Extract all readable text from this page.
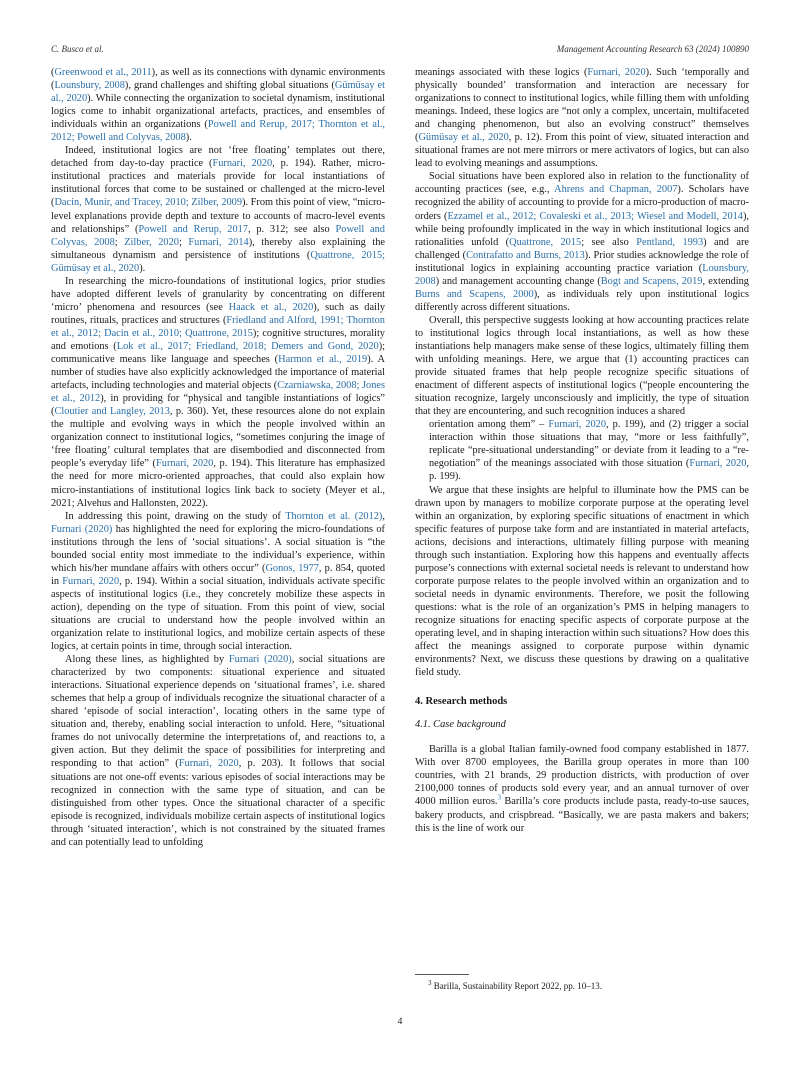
C. Busco et al.	Management Accounting Research 63 (2024) 100890

(Greenwood et al., 2011), as well as its connections with dynamic environments (Lounsbury, 2008), grand challenges and shifting global situations (Gümüsay et al., 2020). While connecting the organization to societal dynamism, institutional logics come to inhabit organizational artefacts, practices, and ensembles of individuals within an organizations (Powell and Rerup, 2017; Thornton et al., 2012; Powell and Colyvas, 2008).

Indeed, institutional logics are not ‘free floating’ templates out there, detached from day-to-day practice (Furnari, 2020, p. 194). Rather, micro-institutional practices and materials provide for local instantiations of institutional forces that come to be sustained or challenged at the micro-level (Dacin, Munir, and Tracey, 2010; Zilber, 2009). From this point of view, “micro-level explanations provide depth and texture to accounts of macro-level events and relationships” (Powell and Rerup, 2017, p. 312; see also Powell and Colyvas, 2008; Zilber, 2020; Furnari, 2014), thereby also explaining the simultaneous dynamism and persistence of institutions (Quattrone, 2015; Gümüsay et al., 2020).

In researching the micro-foundations of institutional logics, prior studies have adopted different levels of granularity by concentrating on different ‘micro’ phenomena and resources (see Haack et al., 2020), such as daily routines, rituals, practices and structures (Friedland and Alford, 1991; Thornton et al., 2012; Dacin et al., 2010; Quattrone, 2015); cognitive structures, morality and emotions (Lok et al., 2017; Friedland, 2018; Demers and Gond, 2020); communicative means like language and speeches (Harmon et al., 2019). A number of studies have also explicitly acknowledged the importance of material artefacts, including technologies and material objects (Czarniawska, 2008; Jones et al., 2012), in providing for “physical and tangible instantiations of logics” (Cloutier and Langley, 2013, p. 360). Yet, these resources alone do not explain the multiple and evolving ways in which the people involved within an organization connect to institutional logics, “sometimes conjuring the image of ‘free floating’ cultural templates that are disembodied and disconnected from people’s everyday life” (Furnari, 2020, p. 194). This literature has emphasized the need for more micro-oriented approaches, that could also explain how micro-instantiations of institutional logics link back to society (Meyer et al., 2021; Alvehus and Hallonsten, 2022).

In addressing this point, drawing on the study of Thornton et al. (2012), Furnari (2020) has highlighted the need for exploring the micro-foundations of institutions through the lens of ‘social situations’. A social situation is “the bounded social entity most immediate to the individual’s experience, within which his/her mundane affairs with others occur” (Gonos, 1977, p. 854, quoted in Furnari, 2020, p. 194). Within a social situation, individuals activate specific aspects of institutional logics (i.e., they concretely mobilize these aspects in action), depending on the type of situation. From this point of view, social situations are crucial to understand how the people involved within an organization relate to institutional logics, and mobilize certain aspects of these logics, at certain points in time, through social interaction.

Along these lines, as highlighted by Furnari (2020), social situations are characterized by two components: situational experience and situated interactions. Situational experience depends on ‘situational frames’, i.e. shared schemes that help a group of individuals recognize the situational character of a shared ‘episode of social interaction’, locating others in the same type of situation and, thereby, enabling social interaction to unfold. Here, “situational frames do not univocally determine the interpretations of, and reactions to, a given action. But they delimit the space of possibilities for interpreting and responding to that action” (Furnari, 2020, p. 203). It follows that social situations are not one-off events: various episodes of social interactions may be recognized in connection with the same type of situation, and can be distinguished from other types. Once the situational character of a specific episode is recognized, individuals mobilize certain aspects of institutional logics through ‘situated interaction’, which is not constrained by the situated frames and can potentially lead to unfolding

meanings associated with these logics (Furnari, 2020). Such ‘temporally and physically bounded’ transformation and interaction are necessary for organizations to connect to institutional logics, while filling them with unfolding meanings. Indeed, these logics are “not only a complex, uncertain, multifaceted and changing phenomenon, but also an evolving construct” themselves (Gümüsay et al., 2020, p. 12). From this point of view, situated interaction and situational frames are not mere mirrors or mere activators of logics, but can also lead to evolving meanings and assumptions.

Social situations have been explored also in relation to the functionality of accounting practices (see, e.g., Ahrens and Chapman, 2007). Scholars have recognized the ability of accounting to provide for a micro-production of macro-orders (Ezzamel et al., 2012; Covaleski et al., 2013; Wiesel and Modell, 2014), while being profoundly implicated in the way in which institutional logics and rationalities unfold (Quattrone, 2015; see also Pentland, 1993) and are challenged (Contrafatto and Burns, 2013). Prior studies acknowledge the role of institutional logics in explaining accounting practice variation (Lounsbury, 2008) and management accounting change (Bogt and Scapens, 2019, extending Burns and Scapens, 2000), as individuals rely upon institutional logics differently across different situations.

Overall, this perspective suggests looking at how accounting practices relate to institutional logics through local instantiations, as well as how these instantiations help managers make sense of these logics, ultimately filling them with unfolding meanings. Here, we argue that (1) accounting practices can provide situated frames that help people recognize specific situations of enactment of different aspects of institutional logics (“people encountering the situation recognize, largely unconsciously and implicitly, the type of situation that they are encountering, and such recognition induces a shared

orientation among them” – Furnari, 2020, p. 199), and (2) trigger a social interaction within those situations that may, “more or less faithfully”, replicate “pre-situational understanding” or deviate from it leading to a “re-negotiation” of the meanings associated with those situation (Furnari, 2020, p. 199).

We argue that these insights are helpful to illuminate how the PMS can be drawn upon by managers to mobilize corporate purpose at the operating level within an organization, by exploring specific situations of enactment in which specific features of purpose take form and are instantiated in material artefacts, actions, decisions and interactions, ultimately filling purpose with meaning through such instantiation. Exploring how this happens and eventually affects purpose’s connections with external societal needs is relevant to understand how corporate purpose relates to the people involved within an organization and to societal needs in dynamic environments. Therefore, we posit the following questions: what is the role of an organization’s PMS in helping managers to recognize situations for enacting specific aspects of corporate purpose at the operating level, and in shaping interaction within such situations? How does this affect the meanings assigned to corporate purpose within dynamic environments? Next, we discuss these questions by drawing on a qualitative field study.

4. Research methods
4.1. Case background

Barilla is a global Italian family-owned food company established in 1877. With over 8700 employees, the Barilla group operates in more than 100 countries, with 21 brands, 29 production districts, with production of over 2100,000 tonnes of products sold every year, and an annual turnover of over 4000 million euros.$^3$ Barilla’s core products include pasta, ready-to-use sauces, bakery products, and crispbread. “Basically, we are pasta makers and bakers; this is the line of work our

$^3$ Barilla, Sustainability Report 2022, pp. 10–13.
4
